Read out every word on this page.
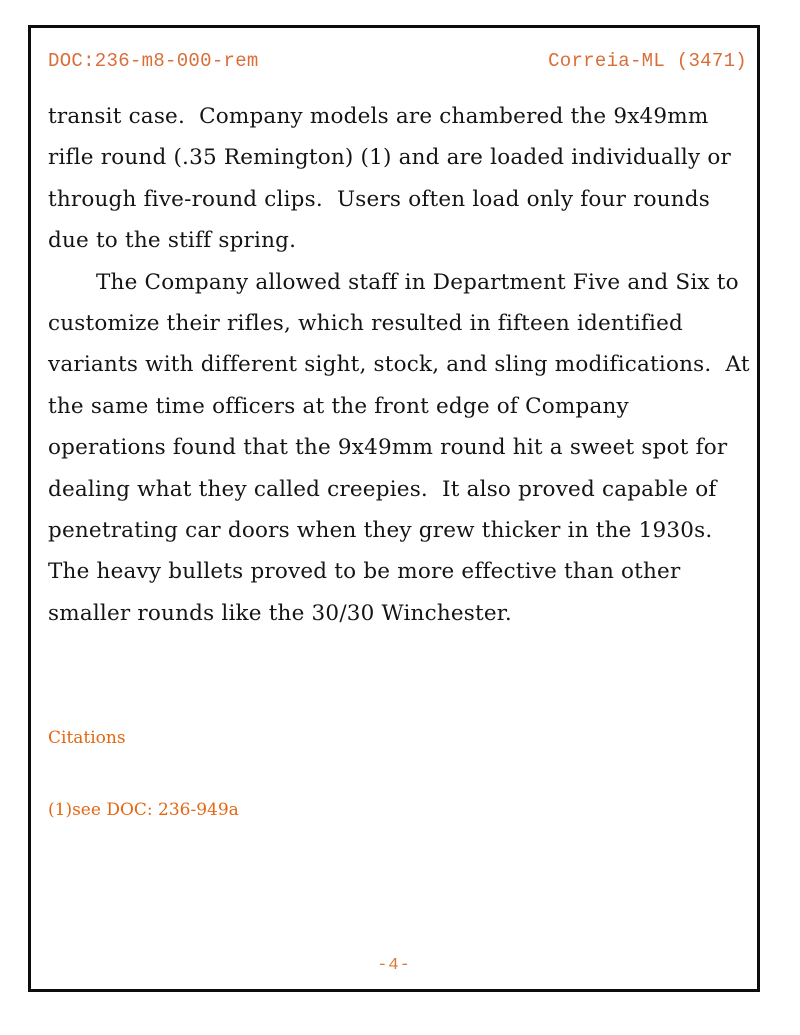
DOC:236-m8-000-rem	Correia-ML (3471)

transit case.  Company models are chambered the 9x49mm rifle round (.35 Remington) (1) and are loaded individually or through five-round clips.  Users often load only four rounds due to the stiff spring.

The Company allowed staff in Department Five and Six to customize their rifles, which resulted in fifteen identified variants with different sight, stock, and sling modifications.  At the same time officers at the front edge of Company operations found that the 9x49mm round hit a sweet spot for dealing what they called creepies.  It also proved capable of penetrating car doors when they grew thicker in the 1930s.  The heavy bullets proved to be more effective than other smaller rounds like the 30/30 Winchester.

Citations

(1)see DOC: 236-949a

-4-
